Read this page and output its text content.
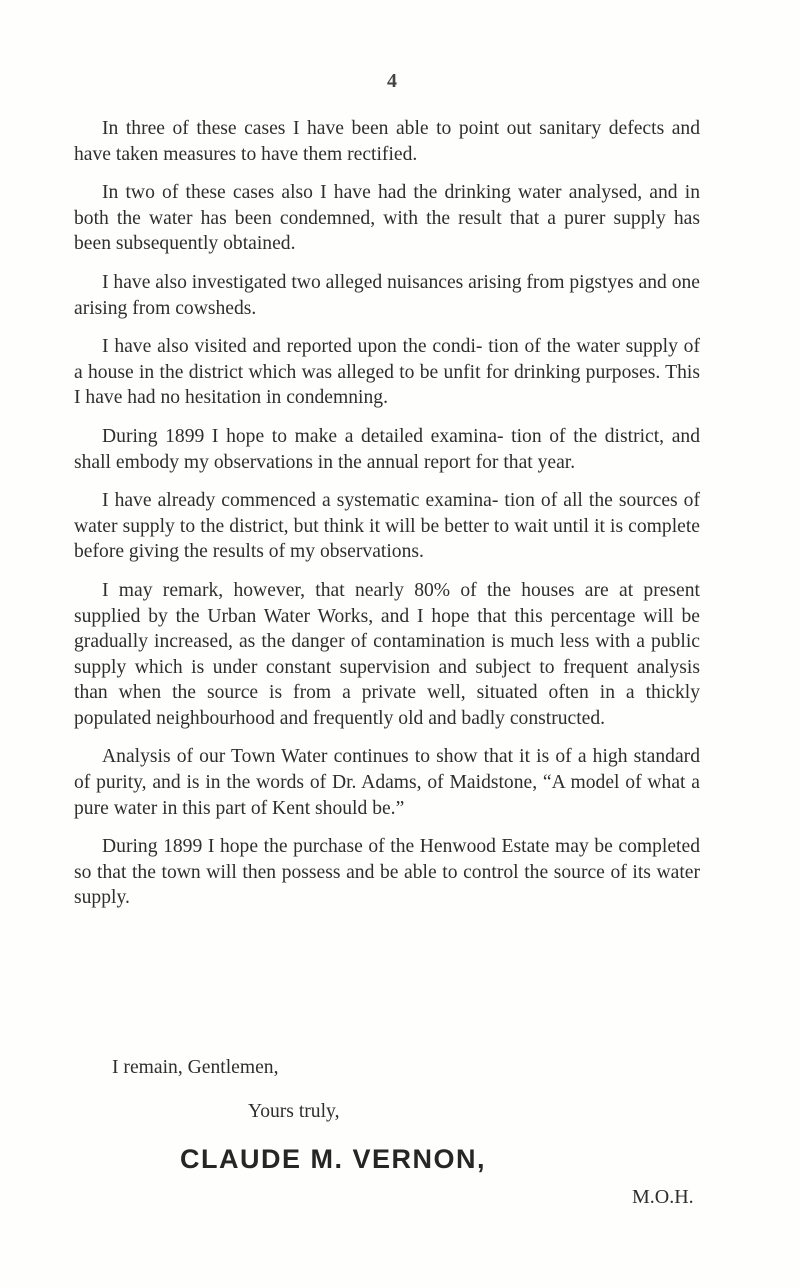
4

In three of these cases I have been able to point out sanitary defects and have taken measures to have them rectified.

In two of these cases also I have had the drinking water analysed, and in both the water has been condemned, with the result that a purer supply has been subsequently obtained.

I have also investigated two alleged nuisances arising from pigstyes and one arising from cowsheds.

I have also visited and reported upon the condi- tion of the water supply of a house in the district which was alleged to be unfit for drinking purposes. This I have had no hesitation in condemning.

During 1899 I hope to make a detailed examina- tion of the district, and shall embody my observations in the annual report for that year.

I have already commenced a systematic examina- tion of all the sources of water supply to the district, but think it will be better to wait until it is complete before giving the results of my observations.

I may remark, however, that nearly 80% of the houses are at present supplied by the Urban Water Works, and I hope that this percentage will be gradually increased, as the danger of contamination is much less with a public supply which is under constant supervision and subject to frequent analysis than when the source is from a private well, situated often in a thickly populated neighbourhood and frequently old and badly constructed.

Analysis of our Town Water continues to show that it is of a high standard of purity, and is in the words of Dr. Adams, of Maidstone, “A model of what a pure water in this part of Kent should be.”

During 1899 I hope the purchase of the Henwood Estate may be completed so that the town will then possess and be able to control the source of its water supply.

I remain, Gentlemen,
Yours truly,
CLAUDE M. VERNON,
M.O.H.
